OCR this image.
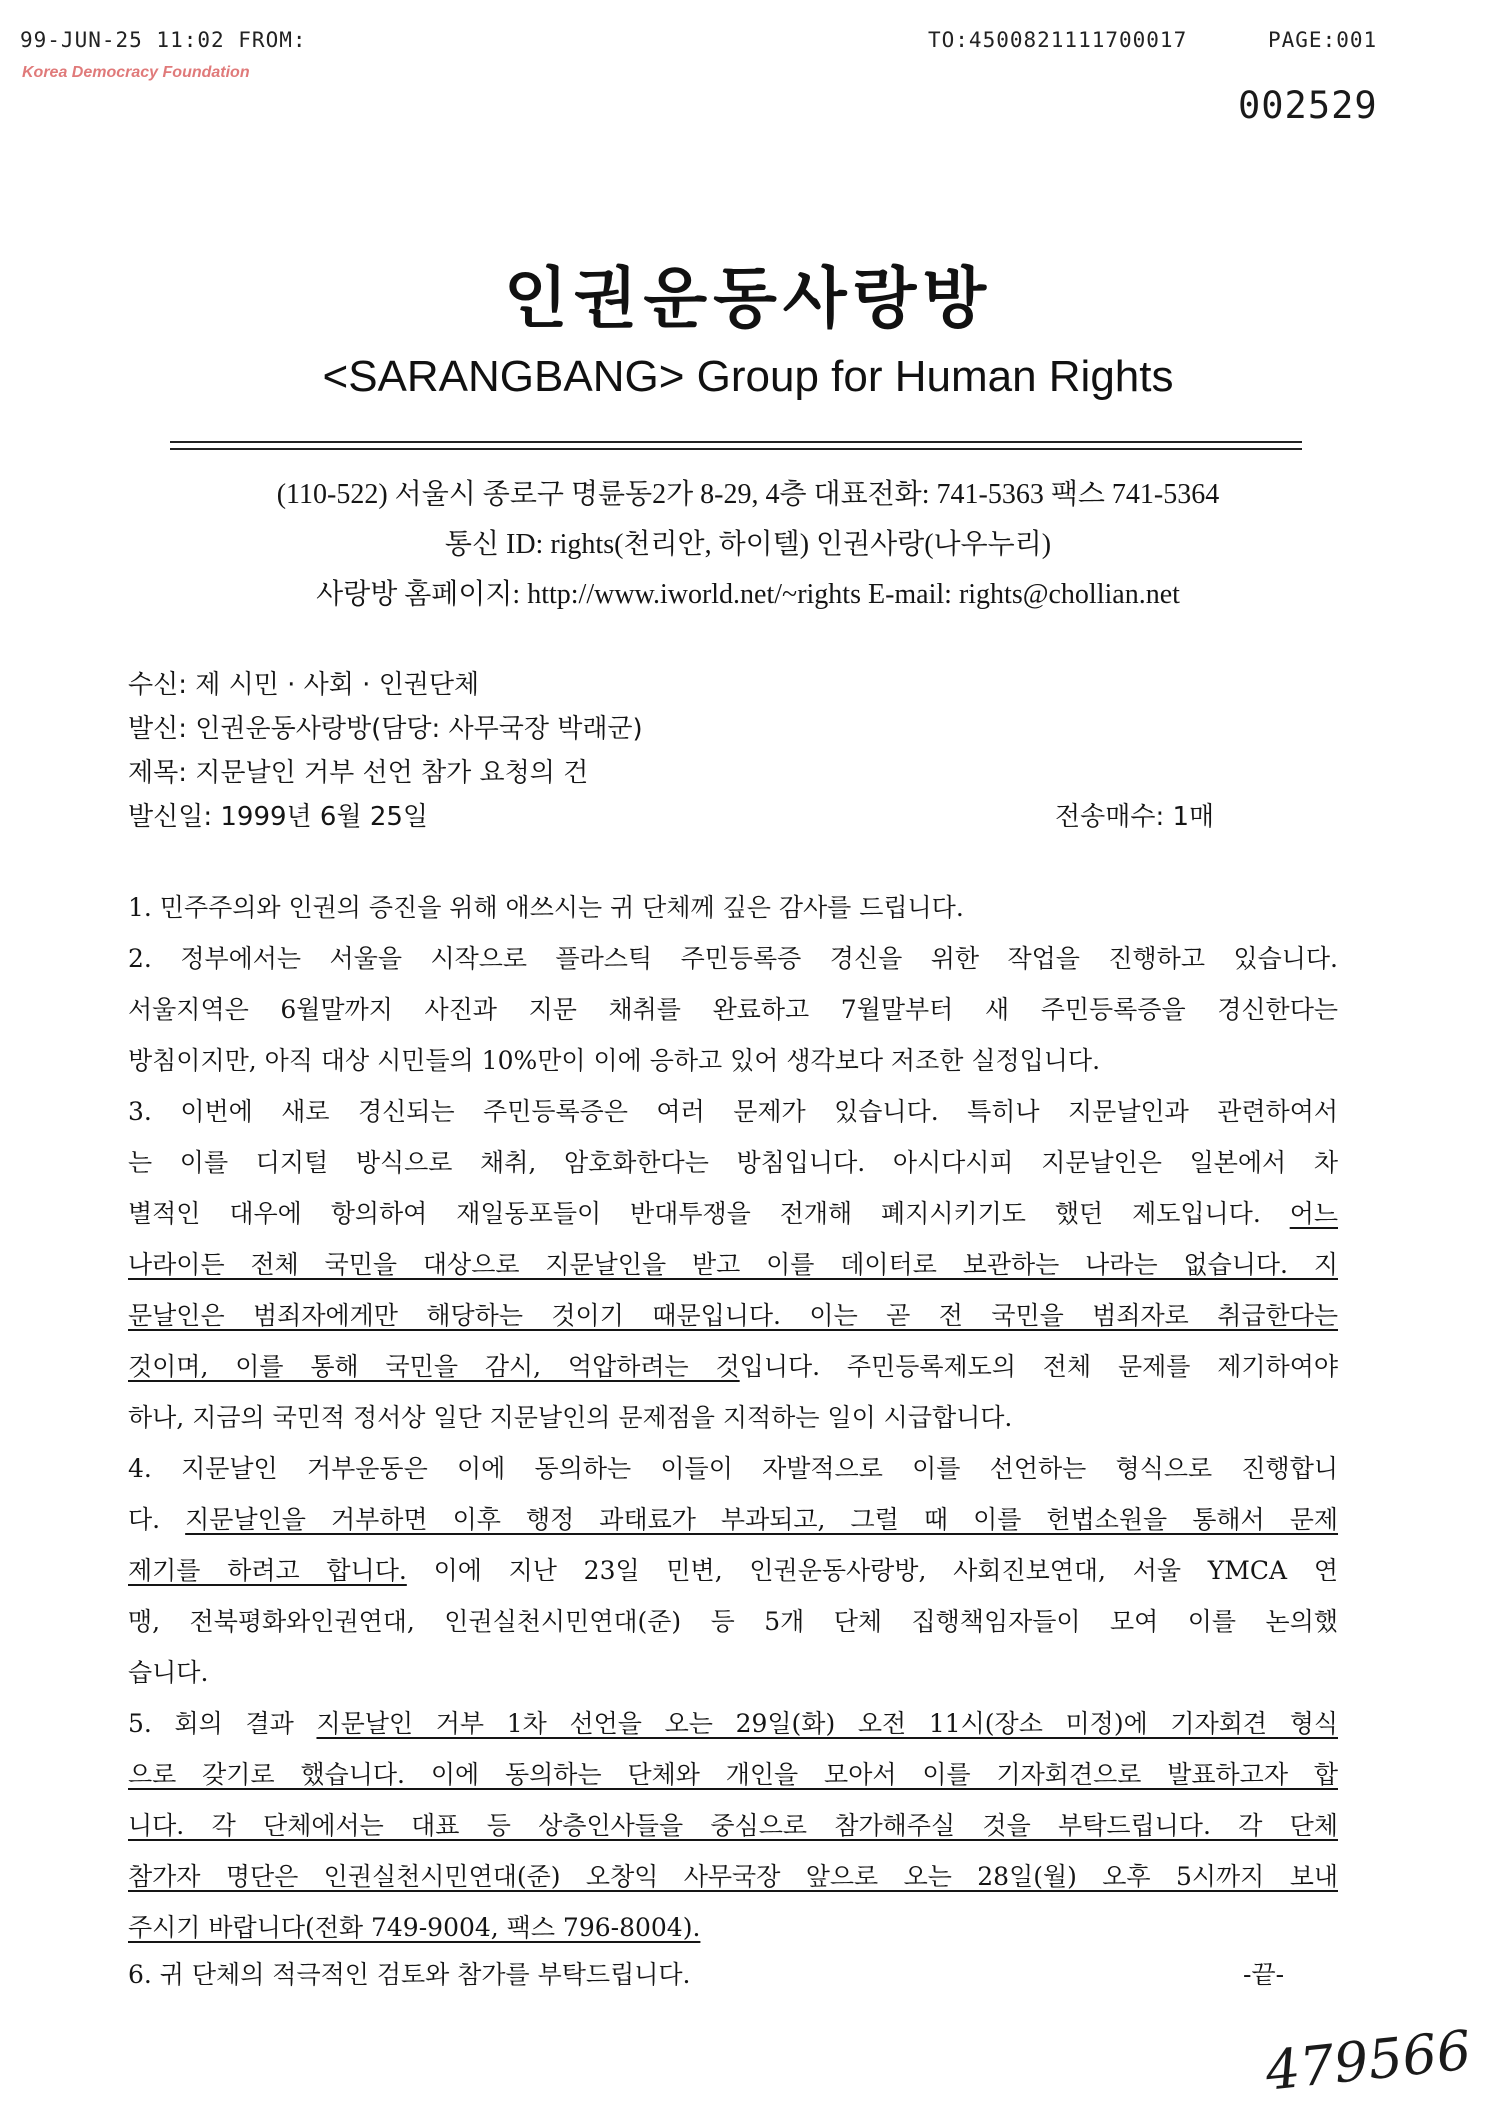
99-JUN-25 11:02 FROM:	TO:4500821111700017	PAGE:001
Korea Democracy Foundation
002529
인권운동사랑방
<SARANGBANG> Group for Human Rights
(110-522) 서울시 종로구 명륜동2가 8-29, 4층 대표전화: 741-5363 팩스 741-5364
통신 ID: rights(천리안, 하이텔) 인권사랑(나우누리)
사랑방 홈페이지: http://www.iworld.net/~rights E-mail: rights@chollian.net
수신: 제 시민 · 사회 · 인권단체
발신: 인권운동사랑방(담당: 사무국장 박래군)
제목: 지문날인 거부 선언 참가 요청의 건
발신일: 1999년 6월 25일	전송매수: 1매
1. 민주주의와 인권의 증진을 위해 애쓰시는 귀 단체께 깊은 감사를 드립니다.
2. 정부에서는 서울을 시작으로 플라스틱 주민등록증 경신을 위한 작업을 진행하고 있습니다.
서울지역은 6월말까지 사진과 지문 채취를 완료하고 7월말부터 새 주민등록증을 경신한다는
방침이지만, 아직 대상 시민들의 10%만이 이에 응하고 있어 생각보다 저조한 실정입니다.
3. 이번에 새로 경신되는 주민등록증은 여러 문제가 있습니다. 특히나 지문날인과 관련하여서
는 이를 디지털 방식으로 채취, 암호화한다는 방침입니다. 아시다시피 지문날인은 일본에서 차
별적인 대우에 항의하여 재일동포들이 반대투쟁을 전개해 폐지시키기도 했던 제도입니다. 어느
나라이든 전체 국민을 대상으로 지문날인을 받고 이를 데이터로 보관하는 나라는 없습니다. 지
문날인은 범죄자에게만 해당하는 것이기 때문입니다. 이는 곧 전 국민을 범죄자로 취급한다는
것이며, 이를 통해 국민을 감시, 억압하려는 것입니다. 주민등록제도의 전체 문제를 제기하여야
하나, 지금의 국민적 정서상 일단 지문날인의 문제점을 지적하는 일이 시급합니다.
4. 지문날인 거부운동은 이에 동의하는 이들이 자발적으로 이를 선언하는 형식으로 진행합니
다. 지문날인을 거부하면 이후 행정 과태료가 부과되고, 그럴 때 이를 헌법소원을 통해서 문제
제기를 하려고 합니다. 이에 지난 23일 민변, 인권운동사랑방, 사회진보연대, 서울 YMCA 연
맹, 전북평화와인권연대, 인권실천시민연대(준) 등 5개 단체 집행책임자들이 모여 이를 논의했
습니다.
5. 회의 결과 지문날인 거부 1차 선언을 오는 29일(화) 오전 11시(장소 미정)에 기자회견 형식
으로 갖기로 했습니다. 이에 동의하는 단체와 개인을 모아서 이를 기자회견으로 발표하고자 합
니다. 각 단체에서는 대표 등 상층인사들을 중심으로 참가해주실 것을 부탁드립니다. 각 단체
참가자 명단은 인권실천시민연대(준) 오창익 사무국장 앞으로 오는 28일(월) 오후 5시까지 보내
주시기 바랍니다(전화 749-9004, 팩스 796-8004).
6. 귀 단체의 적극적인 검토와 참가를 부탁드립니다.	-끝-
479566
